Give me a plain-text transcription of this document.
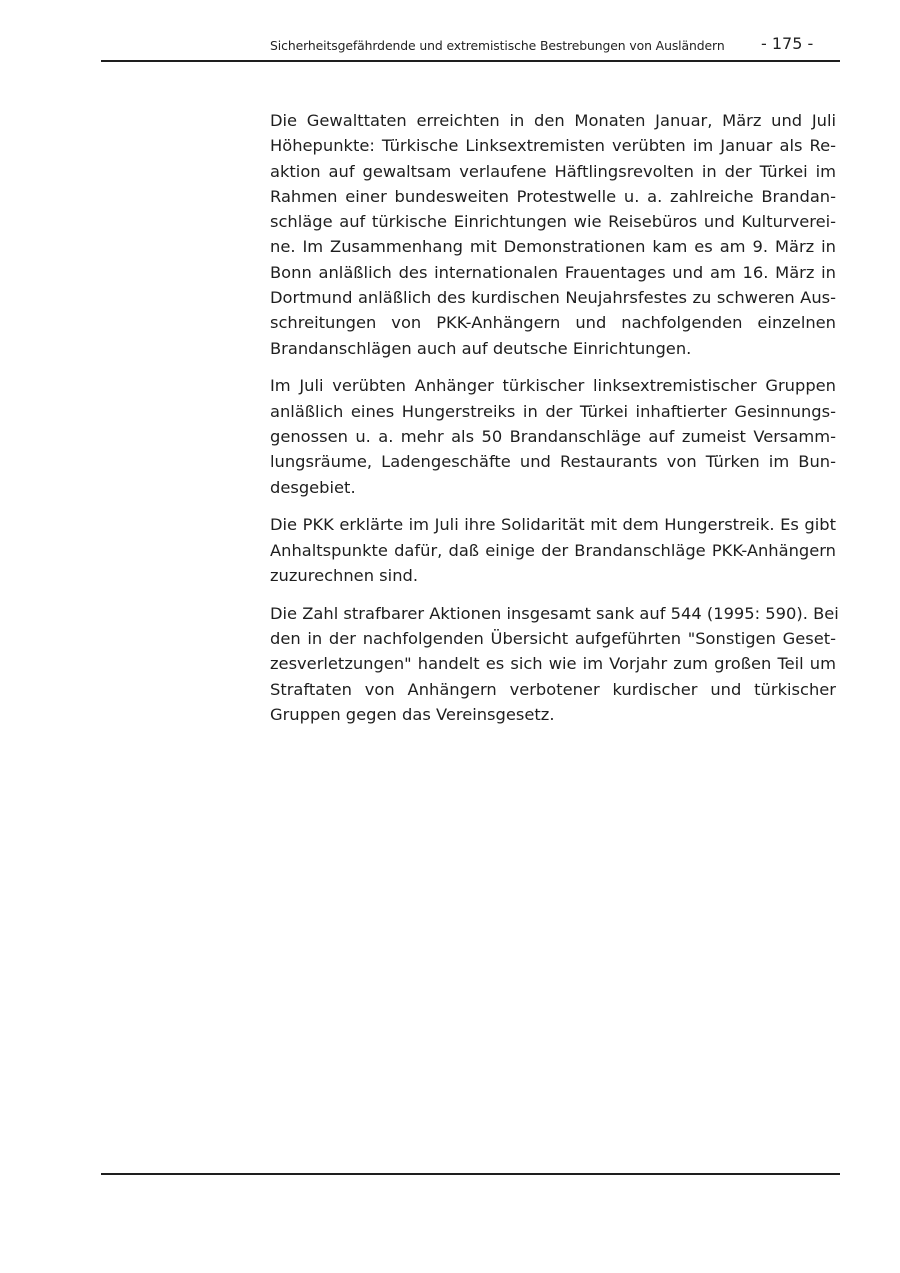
Sicherheitsgefährdende und extremistische Bestrebungen von Ausländern - 175 -
Die Gewalttaten erreichten in den Monaten Januar, März und Juli
Höhepunkte: Türkische Linksextremisten verübten im Januar als Re-
aktion auf gewaltsam verlaufene Häftlingsrevolten in der Türkei im
Rahmen einer bundesweiten Protestwelle u. a. zahlreiche Brandan-
schläge auf türkische Einrichtungen wie Reisebüros und Kulturverei-
ne. Im Zusammenhang mit Demonstrationen kam es am 9. März in
Bonn anläßlich des internationalen Frauentages und am 16. März in
Dortmund anläßlich des kurdischen Neujahrsfestes zu schweren Aus-
schreitungen von PKK-Anhängern und nachfolgenden einzelnen
Brandanschlägen auch auf deutsche Einrichtungen.
Im Juli verübten Anhänger türkischer linksextremistischer Gruppen
anläßlich eines Hungerstreiks in der Türkei inhaftierter Gesinnungs-
genossen u. a. mehr als 50 Brandanschläge auf zumeist Versamm-
lungsräume, Ladengeschäfte und Restaurants von Türken im Bun-
desgebiet.
Die PKK erklärte im Juli ihre Solidarität mit dem Hungerstreik. Es gibt
Anhaltspunkte dafür, daß einige der Brandanschläge PKK-Anhängern
zuzurechnen sind.
Die Zahl strafbarer Aktionen insgesamt sank auf 544 (1995: 590). Bei
den in der nachfolgenden Übersicht aufgeführten "Sonstigen Geset-
zesverletzungen" handelt es sich wie im Vorjahr zum großen Teil um
Straftaten von Anhängern verbotener kurdischer und türkischer
Gruppen gegen das Vereinsgesetz.
